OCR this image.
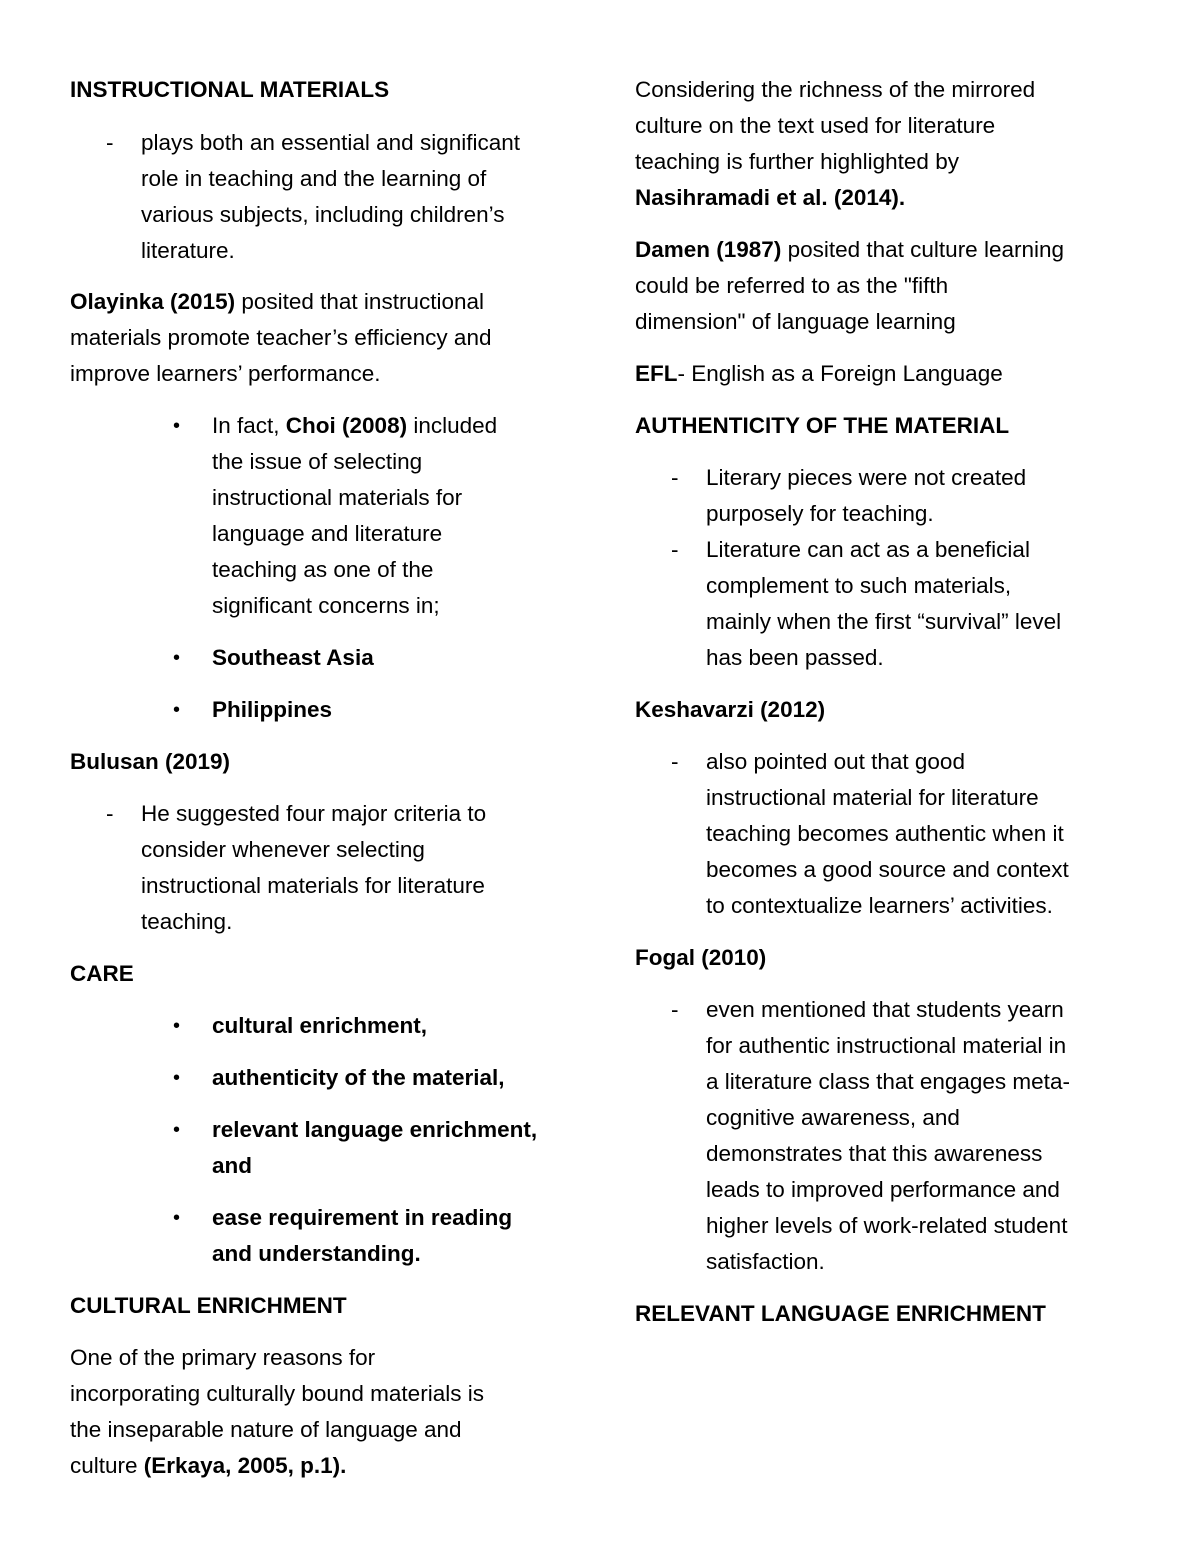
INSTRUCTIONAL MATERIALS
- plays both an essential and significant
role in teaching and the learning of
various subjects, including children’s
literature.
Olayinka (2015) posited that instructional
materials promote teacher’s efficiency and
improve learners’ performance.
• In fact, Choi (2008) included
the issue of selecting
instructional materials for
language and literature
teaching as one of the
significant concerns in;
• Southeast Asia
• Philippines
Bulusan (2019)
- He suggested four major criteria to
consider whenever selecting
instructional materials for literature
teaching.
CARE
• cultural enrichment,
• authenticity of the material,
• relevant language enrichment,
and
• ease requirement in reading
and understanding.
CULTURAL ENRICHMENT
One of the primary reasons for
incorporating culturally bound materials is
the inseparable nature of language and
culture (Erkaya, 2005, p.1).
Considering the richness of the mirrored
culture on the text used for literature
teaching is further highlighted by
Nasihramadi et al. (2014).
Damen (1987) posited that culture learning
could be referred to as the "fifth
dimension" of language learning
EFL- English as a Foreign Language
AUTHENTICITY OF THE MATERIAL
- Literary pieces were not created
purposely for teaching.
- Literature can act as a beneficial
complement to such materials,
mainly when the first “survival” level
has been passed.
Keshavarzi (2012)
- also pointed out that good
instructional material for literature
teaching becomes authentic when it
becomes a good source and context
to contextualize learners’ activities.
Fogal (2010)
- even mentioned that students yearn
for authentic instructional material in
a literature class that engages meta-
cognitive awareness, and
demonstrates that this awareness
leads to improved performance and
higher levels of work-related student
satisfaction.
RELEVANT LANGUAGE ENRICHMENT
